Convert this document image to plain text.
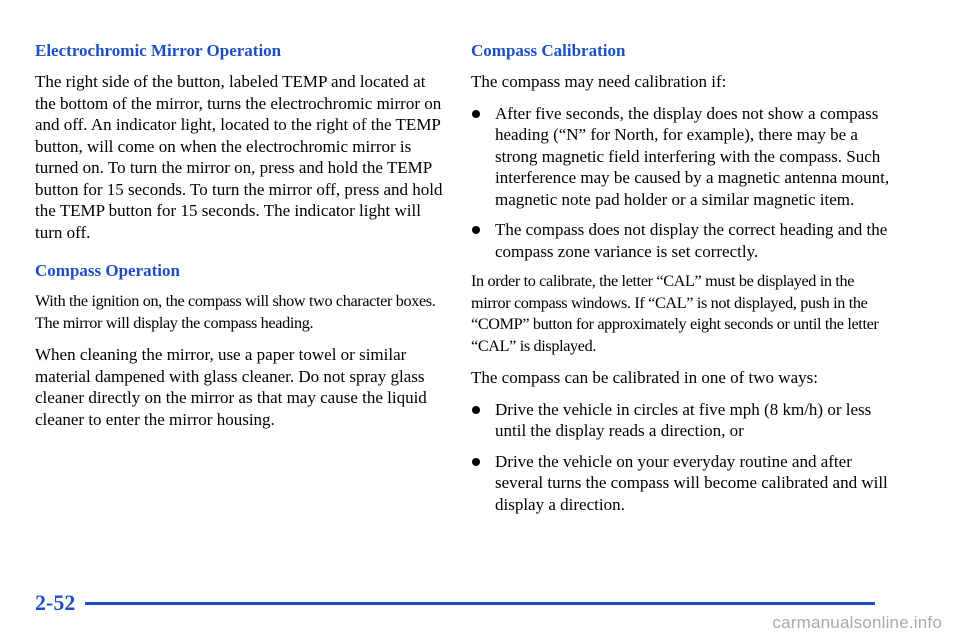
Electrochromic Mirror Operation

The right side of the button, labeled TEMP and located at the bottom of the mirror, turns the electrochromic mirror on and off. An indicator light, located to the right of the TEMP button, will come on when the electrochromic mirror is turned on. To turn the mirror on, press and hold the TEMP button for 15 seconds. To turn the mirror off, press and hold the TEMP button for 15 seconds. The indicator light will turn off.

Compass Operation

With the ignition on, the compass will show two character boxes. The mirror will display the compass heading.

When cleaning the mirror, use a paper towel or similar material dampened with glass cleaner. Do not spray glass cleaner directly on the mirror as that may cause the liquid cleaner to enter the mirror housing.

Compass Calibration

The compass may need calibration if:

After five seconds, the display does not show a compass heading (“N” for North, for example), there may be a strong magnetic field interfering with the compass. Such interference may be caused by a magnetic antenna mount, magnetic note pad holder or a similar magnetic item.
The compass does not display the correct heading and the compass zone variance is set correctly.

In order to calibrate, the letter “CAL” must be displayed in the mirror compass windows. If “CAL” is not displayed, push in the “COMP” button for approximately eight seconds or until the letter “CAL” is displayed.

The compass can be calibrated in one of two ways:

Drive the vehicle in circles at five mph (8 km/h) or less until the display reads a direction, or
Drive the vehicle on your everyday routine and after several turns the compass will become calibrated and will display a direction.
2-52
carmanualsonline.info
